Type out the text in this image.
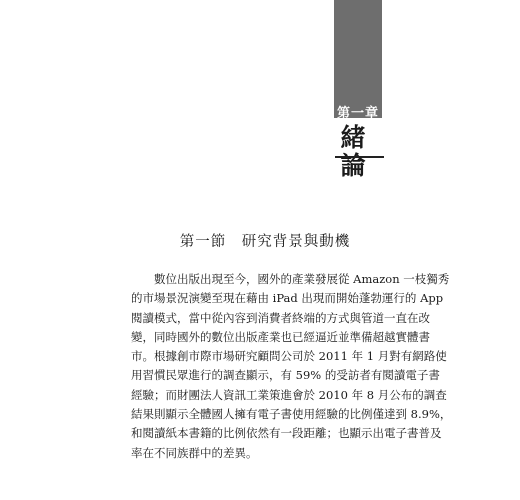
第一章
緒 論
第一節　研究背景與動機
數位出版出現至今，國外的產業發展從 Amazon 一枝獨秀
的市場景況演變至現在藉由 iPad 出現而開始蓬勃運行的 App
閱讀模式，當中從內容到消費者終端的方式與管道一直在改
變，同時國外的數位出版產業也已經逼近並準備超越實體書
市。根據創市際市場研究顧問公司於 2011 年 1 月對有網路使
用習慣民眾進行的調查顯示，有 59% 的受訪者有閱讀電子書
經驗；而財團法人資訊工業策進會於 2010 年 8 月公布的調查
結果則顯示全體國人擁有電子書使用經驗的比例僅達到 8.9%，
和閱讀紙本書籍的比例依然有一段距離；也顯示出電子書普及
率在不同族群中的差異。
